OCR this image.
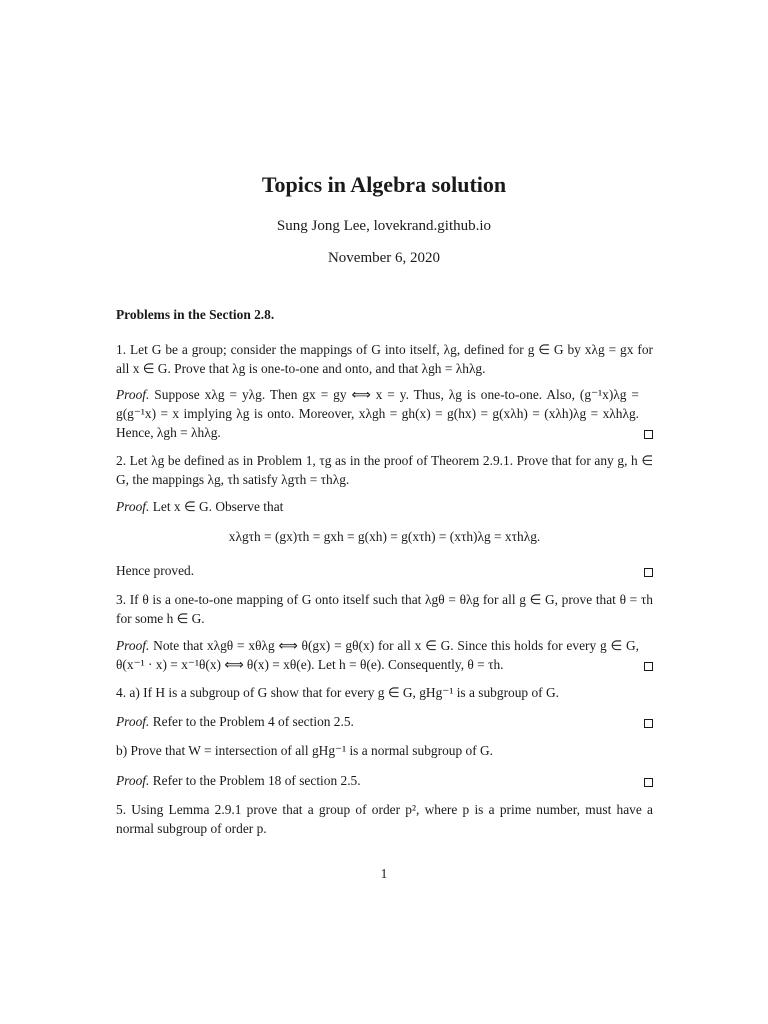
Topics in Algebra solution
Sung Jong Lee, lovekrand.github.io
November 6, 2020
Problems in the Section 2.8.
1. Let G be a group; consider the mappings of G into itself, λg, defined for g ∈ G by xλg = gx for all x ∈ G. Prove that λg is one-to-one and onto, and that λgh = λhλg.
Proof. Suppose xλg = yλg. Then gx = gy ⟺ x = y. Thus, λg is one-to-one. Also, (g⁻¹x)λg = g(g⁻¹x) = x implying λg is onto. Moreover, xλgh = gh(x) = g(hx) = g(xλh) = (xλh)λg = xλhλg. Hence, λgh = λhλg.
2. Let λg be defined as in Problem 1, τg as in the proof of Theorem 2.9.1. Prove that for any g, h ∈ G, the mappings λg, τh satisfy λgτh = τhλg.
Proof. Let x ∈ G. Observe that
xλgτh = (gx)τh = gxh = g(xh) = g(xτh) = (xτh)λg = xτhλg.
Hence proved.
3. If θ is a one-to-one mapping of G onto itself such that λgθ = θλg for all g ∈ G, prove that θ = τh for some h ∈ G.
Proof. Note that xλgθ = xθλg ⟺ θ(gx) = gθ(x) for all x ∈ G. Since this holds for every g ∈ G, θ(x⁻¹ · x) = x⁻¹θ(x) ⟺ θ(x) = xθ(e). Let h = θ(e). Consequently, θ = τh.
4. a) If H is a subgroup of G show that for every g ∈ G, gHg⁻¹ is a subgroup of G.
Proof. Refer to the Problem 4 of section 2.5.
b) Prove that W = intersection of all gHg⁻¹ is a normal subgroup of G.
Proof. Refer to the Problem 18 of section 2.5.
5. Using Lemma 2.9.1 prove that a group of order p², where p is a prime number, must have a normal subgroup of order p.
1
